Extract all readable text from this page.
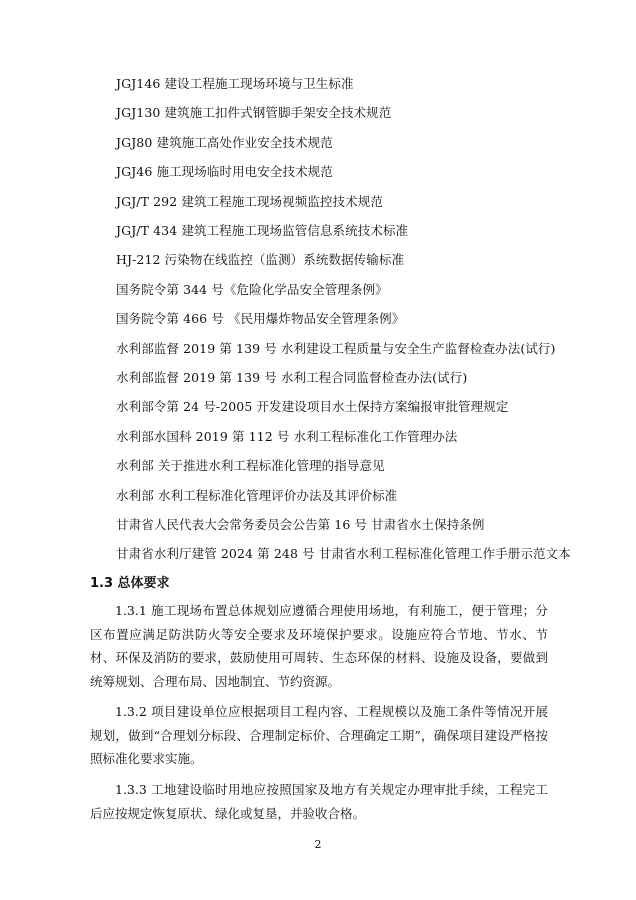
JGJ146 建设工程施工现场环境与卫生标准
JGJ130 建筑施工扣件式钢管脚手架安全技术规范
JGJ80 建筑施工高处作业安全技术规范
JGJ46 施工现场临时用电安全技术规范
JGJ/T 292 建筑工程施工现场视频监控技术规范
JGJ/T 434 建筑工程施工现场监管信息系统技术标准
HJ-212 污染物在线监控（监测）系统数据传输标准
国务院令第 344 号《危险化学品安全管理条例》
国务院令第 466 号 《民用爆炸物品安全管理条例》
水利部监督 2019 第 139 号 水利建设工程质量与安全生产监督检查办法(试行)
水利部监督 2019 第 139 号 水利工程合同监督检查办法(试行)
水利部令第 24 号-2005 开发建设项目水土保持方案编报审批管理规定
水利部水国科 2019 第 112 号 水利工程标准化工作管理办法
水利部 关于推进水利工程标准化管理的指导意见
水利部 水利工程标准化管理评价办法及其评价标准
甘肃省人民代表大会常务委员会公告第 16 号 甘肃省水土保持条例
甘肃省水利厅建管 2024 第 248 号 甘肃省水利工程标准化管理工作手册示范文本
1.3 总体要求
1.3.1 施工现场布置总体规划应遵循合理使用场地，有利施工，便于管理；分区布置应满足防洪防火等安全要求及环境保护要求。设施应符合节地、节水、节材、环保及消防的要求，鼓励使用可周转、生态环保的材料、设施及设备，要做到统筹规划、合理布局、因地制宜、节约资源。
1.3.2 项目建设单位应根据项目工程内容、工程规模以及施工条件等情况开展规划，做到“合理划分标段、合理制定标价、合理确定工期”，确保项目建设严格按照标准化要求实施。
1.3.3 工地建设临时用地应按照国家及地方有关规定办理审批手续，工程完工后应按规定恢复原状、绿化或复垦，并验收合格。
2
